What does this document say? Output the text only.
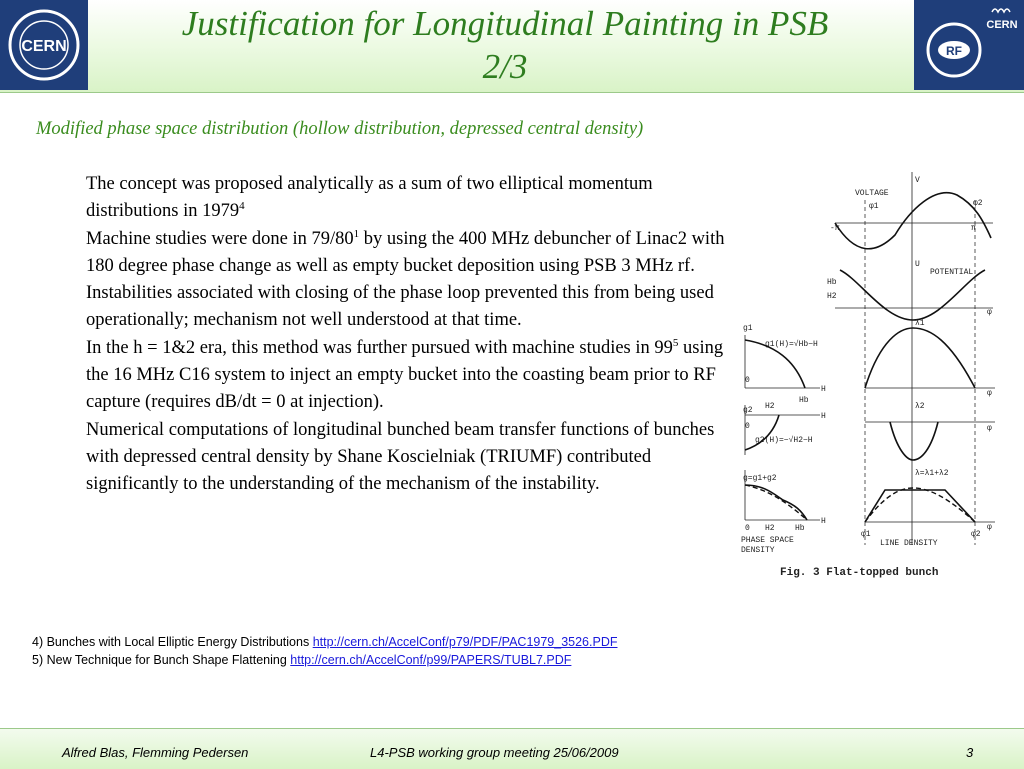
CERN
Justification for Longitudinal Painting in PSB
2/3	RF
CERN
Modified phase space distribution (hollow distribution, depressed central density)

The concept was proposed analytically as a sum of two elliptical momentum distributions in 1979$^4$

Machine studies were done in $79/80^1$ by using the 400 MHz debuncher of Linac2 with 180 degree phase change as well as empty bucket deposition using PSB 3 MHz rf.

Instabilities associated with closing of the phase loop prevented this from being used operationally; mechanism not well understood at that time.

In the h = 1&2 era, this method was further pursued with machine studies in $99^5$ using the 16 MHz C16 system to inject an empty bucket into the coasting beam prior to RF capture (requires dB/dt = 0 at injection).

Numerical computations of longitudinal bunched beam transfer functions of bunches with depressed central density by Shane Koscielniak (TRIUMF) contributed significantly to the understanding of the mechanism of the instability.

4) Bunches with Local Elliptic Energy Distributions http://cern.ch/AccelConf/p79/PDF/PAC1979_3526.PDF
5) New Technique for Bunch Shape Flattening http://cern.ch/AccelConf/p99/PAPERS/TUBL7.PDF
VOLTAGE
V
φ1	φ2
-π	π
POTENTIAL
U
Hb
H2
φ
g1
g1(H)=√Hb−H
0
H
Hb
λ1
φ
g2 H2
g2(H)=−√H2−H
H
0
λ2
φ
g=g1+g2
H
0 H2	Hb
λ=λ1+λ2
φ
φ1	φ2
PHASE SPACE
DENSITY
LINE DENSITY
Fig. 3 Flat-topped bunch
Alfred Blas, Flemming Pedersen	L4-PSB working group meeting 25/06/2009	3
